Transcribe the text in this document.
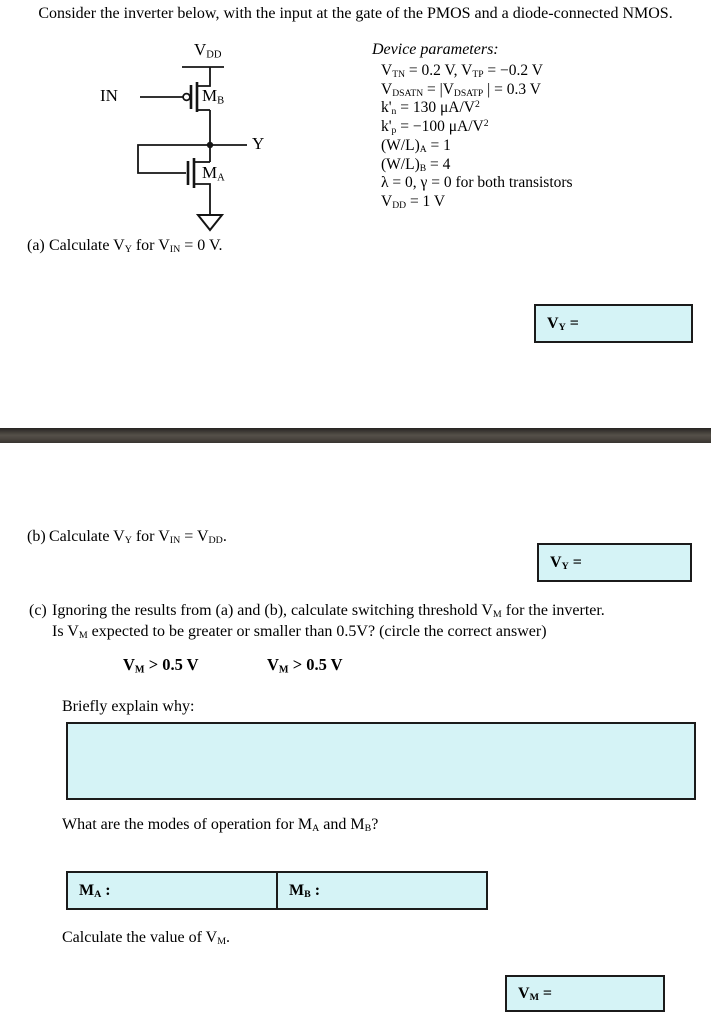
Consider the inverter below, with the input at the gate of the PMOS and a diode-connected NMOS.
$V_{DD}$
IN	$M_B$
Y
$M_A$
Device parameters:
$V_{TN} = 0.2$ V, $V_{TP} = -0.2$ V
$V_{DSATN} = |V_{DSATP}$ | = 0.3 V
$k'_n = 130$ $\mu A/V^2$
$k'_p = -100$ $\mu A/V^2$
$(W/L)_A = 1$
$(W/L)_B = 4$
λ = 0, γ = 0 for both transistors
$V_{DD} = 1$ V
(a) Calculate $V_Y$ for $V_{IN} = 0$ V.
$V_Y$ =
(b) Calculate $V_Y$ for $V_{IN} = V_{DD}$.
$V_Y$ =
(c) Ignoring the results from (a) and (b), calculate switching threshold $V_M$ for the inverter.
Is $V_M$ expected to be greater or smaller than 0.5V? (circle the correct answer)
$V_M > 0.5$ V	$V_M > 0.5$ V
Briefly explain why:
What are the modes of operation for $M_A$ and $M_B$?
$M_A$ :	$M_B$ :
Calculate the value of $V_M$.
$V_M$ =
